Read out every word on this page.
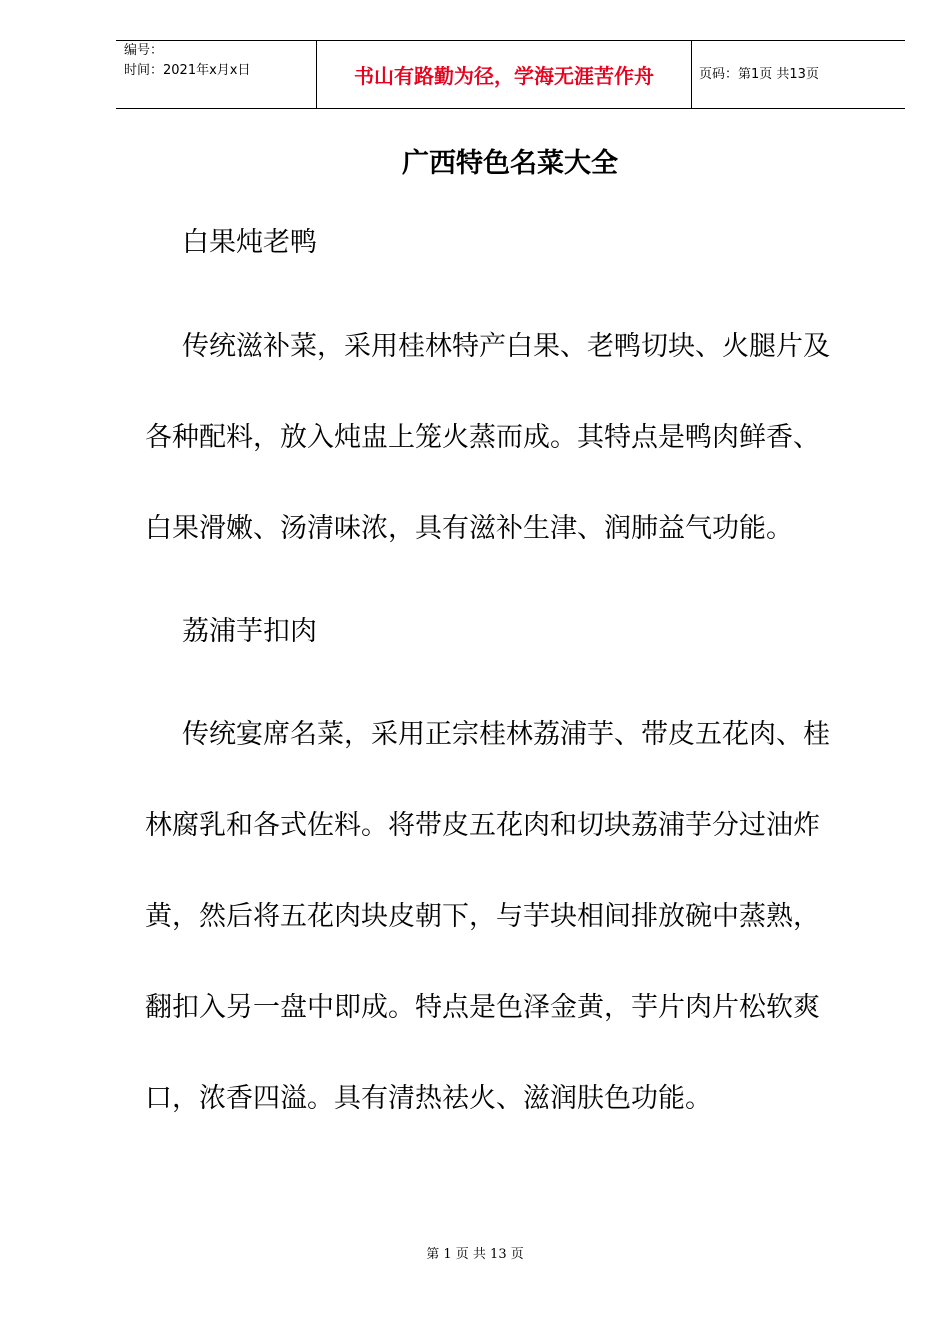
编号：
时间：2021年x月x日	书山有路勤为径，学海无涯苦作舟	页码：第1页 共13页
广西特色名菜大全
白果炖老鸭
传统滋补菜，采用桂林特产白果、老鸭切块、火腿片及
各种配料，放入炖盅上笼火蒸而成。其特点是鸭肉鲜香、
白果滑嫩、汤清味浓，具有滋补生津、润肺益气功能。
荔浦芋扣肉
传统宴席名菜，采用正宗桂林荔浦芋、带皮五花肉、桂
林腐乳和各式佐料。将带皮五花肉和切块荔浦芋分过油炸
黄，然后将五花肉块皮朝下，与芋块相间排放碗中蒸熟，
翻扣入另一盘中即成。特点是色泽金黄，芋片肉片松软爽
口，浓香四溢。具有清热祛火、滋润肤色功能。
第 1 页 共 13 页
